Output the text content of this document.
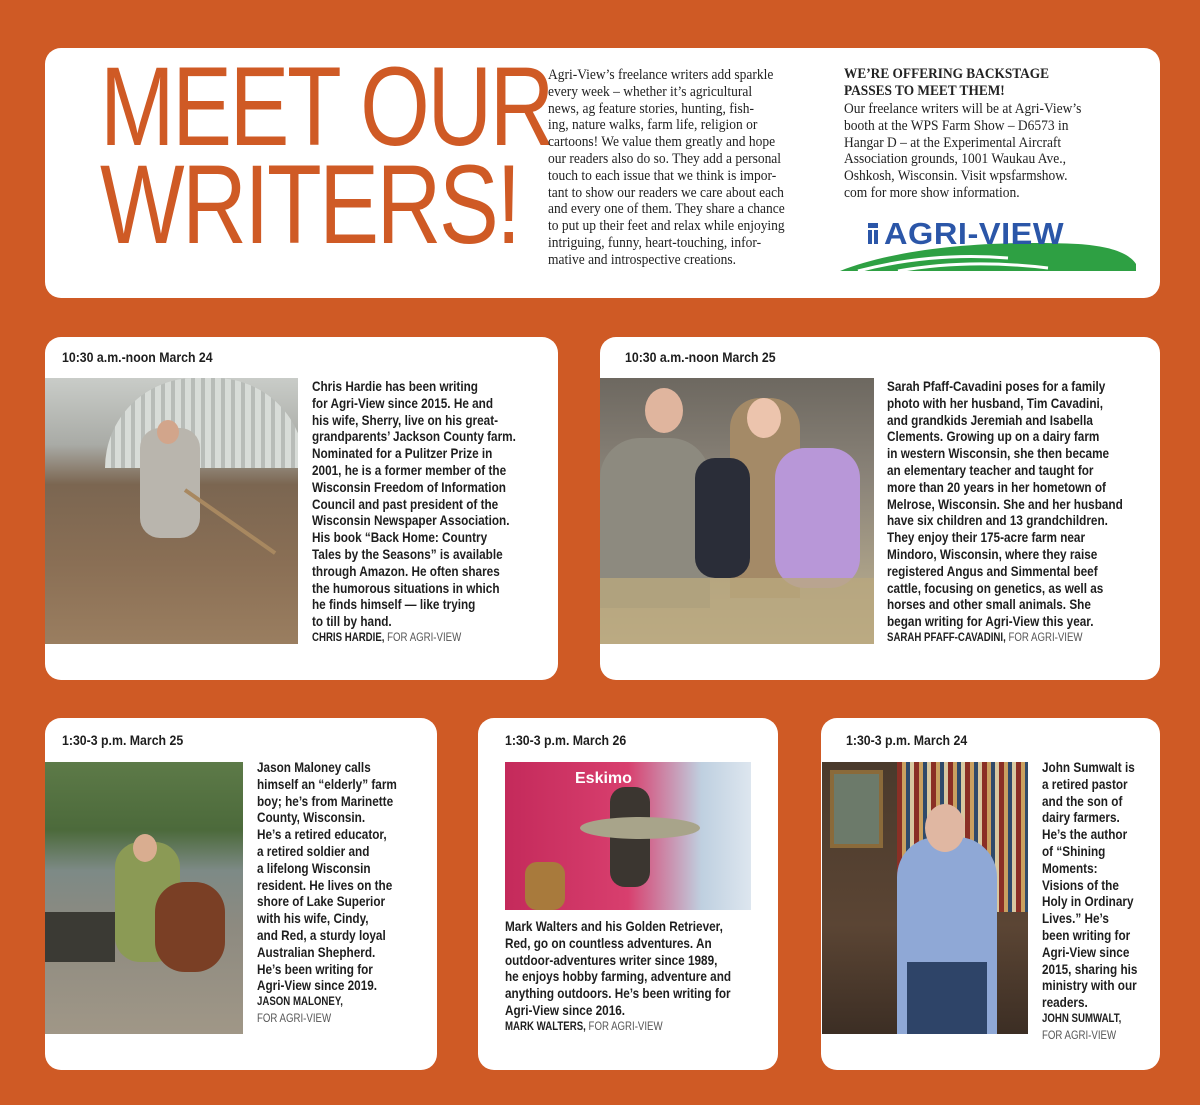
MEET OUR
WRITERS!
Agri-View’s freelance writers add sparkle
every week – whether it’s agricultural
news, ag feature stories, hunting, fish-
ing, nature walks, farm life, religion or
cartoons! We value them greatly and hope
our readers also do so. They add a personal
touch to each issue that we think is impor-
tant to show our readers we care about each
and every one of them. They share a chance
to put up their feet and relax while enjoying
intriguing, funny, heart-touching, infor-
mative and introspective creations.
WE’RE OFFERING BACKSTAGE
PASSES TO MEET THEM!
Our freelance writers will be at Agri-View’s
booth at the WPS Farm Show – D6573 in
Hangar D – at the Experimental Aircraft
Association grounds, 1001 Waukau Ave.,
Oshkosh, Wisconsin. Visit wpsfarmshow.
com for more show information.
AGRI-VIEW
10:30 a.m.-noon March 24	10:30 a.m.-noon March 25
1:30-3 p.m. March 25	1:30-3 p.m. March 26	1:30-3 p.m. March 24
Eskimo
Chris Hardie has been writing
for Agri-View since 2015. He and
his wife, Sherry, live on his great-
grandparents’ Jackson County farm.
Nominated for a Pulitzer Prize in
2001, he is a former member of the
Wisconsin Freedom of Information
Council and past president of the
Wisconsin Newspaper Association.
His book “Back Home: Country
Tales by the Seasons” is available
through Amazon. He often shares
the humorous situations in which
he finds himself — like trying
to till by hand.
CHRIS HARDIE, FOR AGRI-VIEW
Sarah Pfaff-Cavadini poses for a family
photo with her husband, Tim Cavadini,
and grandkids Jeremiah and Isabella
Clements. Growing up on a dairy farm
in western Wisconsin, she then became
an elementary teacher and taught for
more than 20 years in her hometown of
Melrose, Wisconsin. She and her husband
have six children and 13 grandchildren.
They enjoy their 175-acre farm near
Mindoro, Wisconsin, where they raise
registered Angus and Simmental beef
cattle, focusing on genetics, as well as
horses and other small animals. She
began writing for Agri-View this year.
SARAH PFAFF-CAVADINI, FOR AGRI-VIEW
Jason Maloney calls
himself an “elderly” farm
boy; he’s from Marinette
County, Wisconsin.
He’s a retired educator,
a retired soldier and
a lifelong Wisconsin
resident. He lives on the
shore of Lake Superior
with his wife, Cindy,
and Red, a sturdy loyal
Australian Shepherd.
He’s been writing for
Agri-View since 2019.
JASON MALONEY,
FOR AGRI-VIEW
Mark Walters and his Golden Retriever,
Red, go on countless adventures. An
outdoor-adventures writer since 1989,
he enjoys hobby farming, adventure and
anything outdoors. He’s been writing for
Agri-View since 2016.
MARK WALTERS, FOR AGRI-VIEW
John Sumwalt is
a retired pastor
and the son of
dairy farmers.
He’s the author
of “Shining
Moments:
Visions of the
Holy in Ordinary
Lives.” He’s
been writing for
Agri-View since
2015, sharing his
ministry with our
readers.
JOHN SUMWALT,
FOR AGRI-VIEW
